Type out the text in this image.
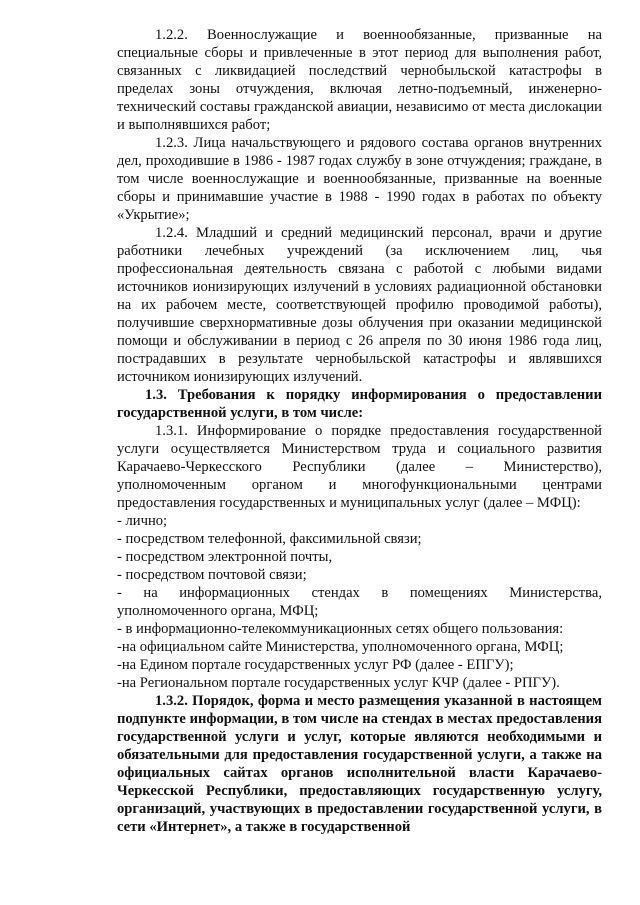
1.2.2. Военнослужащие и военнообязанные, призванные на специальные сборы и привлеченные в этот период для выполнения работ, связанных с ликвидацией последствий чернобыльской катастрофы в пределах зоны отчуждения, включая летно-подъемный, инженерно-технический составы гражданской авиации, независимо от места дислокации и выполнявшихся работ;

1.2.3. Лица начальствующего и рядового состава органов внутренних дел, проходившие в 1986 - 1987 годах службу в зоне отчуждения; граждане, в том числе военнослужащие и военнообязанные, призванные на военные сборы и принимавшие участие в 1988 - 1990 годах в работах по объекту «Укрытие»;

1.2.4. Младший и средний медицинский персонал, врачи и другие работники лечебных учреждений (за исключением лиц, чья профессиональная деятельность связана с работой с любыми видами источников ионизирующих излучений в условиях радиационной обстановки на их рабочем месте, соответствующей профилю проводимой работы), получившие сверхнормативные дозы облучения при оказании медицинской помощи и обслуживании в период с 26 апреля по 30 июня 1986 года лиц, пострадавших в результате чернобыльской катастрофы и являвшихся источником ионизирующих излучений.

1.3. Требования к порядку информирования о предоставлении государственной услуги, в том числе:

1.3.1. Информирование о порядке предоставления государственной услуги осуществляется Министерством труда и социального развития Карачаево-Черкесского Республики (далее – Министерство), уполномоченным органом и многофункциональными центрами предоставления государственных и муниципальных услуг (далее – МФЦ):

- лично;

- посредством телефонной, факсимильной связи;

- посредством электронной почты,

- посредством почтовой связи;

- на информационных стендах в помещениях Министерства, уполномоченного органа, МФЦ;

- в информационно-телекоммуникационных сетях общего пользования:

-на официальном сайте Министерства, уполномоченного органа, МФЦ;

-на Едином портале государственных услуг РФ (далее - ЕПГУ);

-на Региональном портале государственных услуг КЧР (далее - РПГУ).

1.3.2. Порядок, форма и место размещения указанной в настоящем подпункте информации, в том числе на стендах в местах предоставления государственной услуги и услуг, которые являются необходимыми и обязательными для предоставления государственной услуги, а также на официальных сайтах органов исполнительной власти Карачаево-Черкесской Республики, предоставляющих государственную услугу, организаций, участвующих в предоставлении государственной услуги, в сети «Интернет», а также в государственной
